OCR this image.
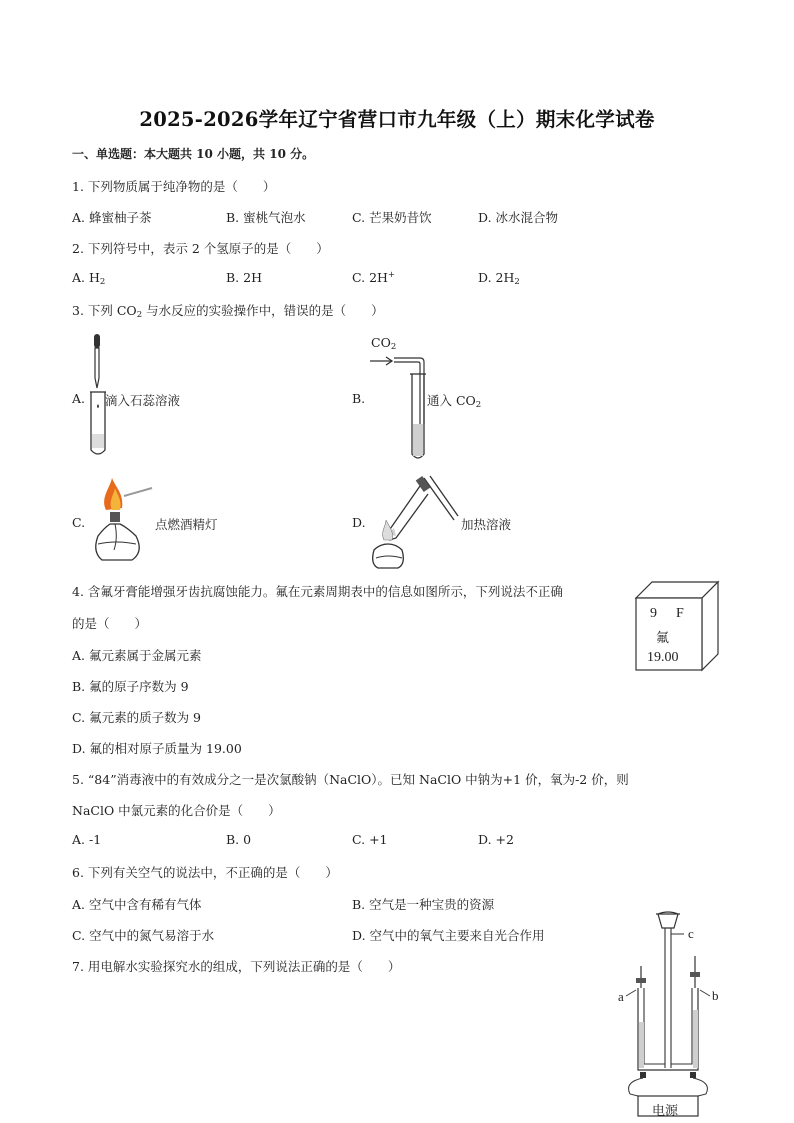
2025-2026学年辽宁省营口市九年级（上）期末化学试卷
一、单选题：本大题共 10 小题，共 10 分。
1. 下列物质属于纯净物的是（　　）
A. 蜂蜜柚子茶	B. 蜜桃气泡水	C. 芒果奶昔饮	D. 冰水混合物
2. 下列符号中，表示 2 个氢原子的是（　　）
A. $H_2$	B. 2H	C. 2H+	D. $2H_2$
3. 下列 $CO_2$ 与水反应的实验操作中，错误的是（　　）
A. 滴入石蕊溶液	B.
$CO_2$
通入 $CO_2$
C.	点燃酒精灯	D.	加热溶液
4. 含氟牙膏能增强牙齿抗腐蚀能力。氟在元素周期表中的信息如图所示，下列说法不正确
的是（　　）
A. 氟元素属于金属元素
B. 氟的原子序数为 9
C. 氟元素的质子数为 9
D. 氟的相对原子质量为 19.00
9 F
氟
19.00
5. “84”消毒液中的有效成分之一是次氯酸钠（NaClO）。已知 NaClO 中钠为+1 价，氧为-2 价，则
NaClO 中氯元素的化合价是（　　）
A. -1	B. 0	C. +1	D. +2
6. 下列有关空气的说法中，不正确的是（　　）
A. 空气中含有稀有气体	B. 空气是一种宝贵的资源
C. 空气中的氮气易溶于水	D. 空气中的氧气主要来自光合作用
7. 用电解水实验探究水的组成，下列说法正确的是（　　）
a	b
c
电源
